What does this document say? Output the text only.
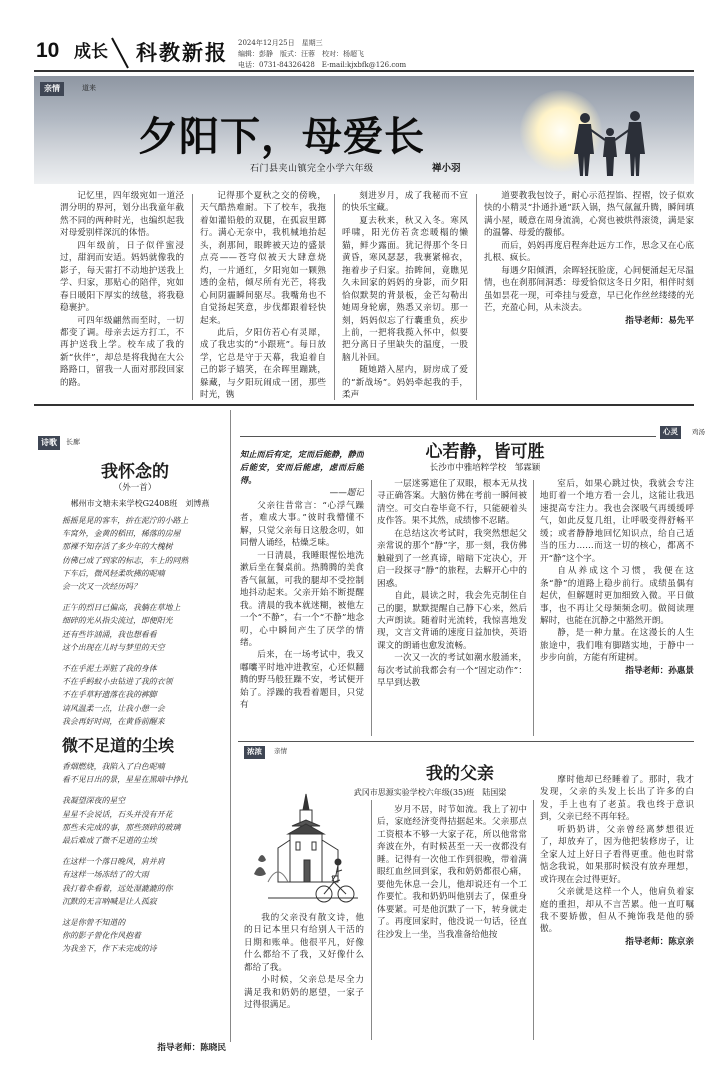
10 成长 科教新报 2024年12月25日　星期三
编辑：彭静　版式：汪蓉　校对：杨超飞
电话：0731-84326428　E-mail:kjxbfk@126.com
亲情	道来
夕阳下，母爱长
石门县夹山镇完全小学六年级	禅小羽

记忆里，四年级宛如一道泾渭分明的界河，划分出我童年截然不同的两种时光，也编织起我对母爱别样深沉的体悟。

四年级前，日子似伴蜜浸过，甜润而安适。妈妈就像我的影子，每天雷打不动地护送我上学、归家，那贴心的陪伴，宛如春日暖阳下厚实的绒毯，将我稳稳裹护。

可四年级翩然而至时，一切都变了调。母亲去远方打工，不再护送我上学。校车成了我的新“伙伴”，却总是将我抛在大公路路口，留我一人面对那段回家的路。

记得那个夏秋之交的傍晚，天气酷热难耐。下了校车，我拖着如灌铅般的双腿，在孤寂里踯行。满心无奈中，我机械地抬起头，刹那间，眼眸被天边的盛景点亮——苍穹似被天大肆意烧灼，一片通红，夕阳宛如一颗熟透的金桔，倾尽所有光芒，将我心间阴霾瞬间驱尽。我嘴角也不自觉扬起笑意，步伐都跟着轻快起来。

此后，夕阳仿若心有灵犀，成了我忠实的“小跟班”。每日放学，它总是守于天幕，我追着自己的影子嬉笑，在余晖里蹦跳，躲藏，与夕阳玩闹成一团，那些时光，镌

刻进岁月，成了我秘而不宣的快乐宝藏。

夏去秋来，秋又入冬。寒风呼啸，阳光仿若贪恋暖榻的懒猫，鲜少露面。犹记得那个冬日黄昏，寒风瑟瑟，我裹紧棉衣，拖着步子归家。抬眸间，竟瞧见久未回家的妈妈的身影，而夕阳恰似默契的背景板，金芒勾勒出她周身轮廓，熟悉又亲切。那一刻，妈妈似忘了行囊重负，疾步上前，一把将我揽入怀中，似要把分离日子里缺失的温度，一股脑儿补回。

随她踏入屋内，厨房成了爱的“新战场”。妈妈牵起我的手，柔声

道要教我包饺子，耐心示范捏馅、捏褶，饺子似欢快的小精灵“扑通扑通”跃入锅，热气氤氲升腾，瞬间填满小屋，暖意在周身流淌，心窝也被烘得滚烫，满是家的温馨、母爱的馥郁。

而后，妈妈再度启程奔赴远方工作，思念又在心底扎根、疯长。

每遇夕阳倾洒，余晖轻抚脸庞，心间便涌起无尽温情，也在刹那间洞悉：母爱恰似这冬日夕阳，相伴时刻虽如昙花一现，可牵挂与爱意，早已化作丝丝缕缕的光芒，充盈心间，从未淡去。

指导老师：易先平
诗歌	长廊
我怀念的
（外一首）
郴州市文塘未来学校G2408班　刘博燕
摇摇晃晃的客车，拚在泥泞的小路上
车窝外，金黄的稻田，稀落的房屋
那裸不知存活了多少年的大槐树
仿佛已成了到家的标志，车上的同熟
下车后，微风轻柔吹拂的呢喃
会一次又一次经历吗？
正午的烈日已偏高，我躺在草地上
细碎的光从指尖流过，即便阳光
还有些许汹涌，我也想看看
这个出现在儿时与梦里的天空
不在乎泥土弄脏了我的身体
不在乎蚂蚁小虫钻进了我的衣领
不在乎草籽遗落在我的裤脚
请风温柔一点，让我小憩一会
我会再好时间，在黄昏前醒来
微不足道的尘埃
香烟燃烧，我陷入了白色呢喃
看不见日出的景，星星在黑暗中挣扎
我凝望深夜的星空
星星不会说话，石头并没有开花
那些未完成的事，那些颈碎的玻璃
最后难成了微不足道的尘埃
在这样一个落日晚风，肩并肩
有这样一场冻结了的大雨
我打着伞看着，远处湿漉漉的你
沉默的无言呐喊是让人孤寂
这是你曾不知道的
你的影子曾化作风抱着
为我坐下，作下未完成的诗
指导老师：陈晓民
心灵	鸡汤
知止而后有定，定而后能静，静而后能安，安而后能虑，虑而后能得。
——题记

父亲往昔常言：“心浮气躁者，难成大事。”彼时我懵懂不解，只觉父亲每日这般念叨，如同僧人诵经，枯燥乏味。

一日清晨，我睡眼惺忪地洗漱后坐在餐桌前。热腾腾的美食香气氤氲，可我的腿却不受控制地抖动起来。父亲开始不断提醒我。清晨的我本就迷糊，被他左一个“不静”，右一个“不静”地念叨，心中瞬间产生了厌学的情绪。

后来，在一场考试中，我又嘟囔平时地冲进教室，心还似翻腾的野马般狂躁不安，考试便开始了。浮躁的我看着题目，只觉有

心若静，皆可胜
长沙市中雅培粹学校　邹霖颖

一层迷雾遮住了双眼，根本无从找寻正确答案。大脑仿佛在考前一瞬间被清空。可交白卷毕竟不行，只能硬着头皮作答。果不其然，成绩惨不忍睹。

在总结这次考试时，我突然想起父亲常说的那个“静”字，那一刻，我仿佛触碰到了一丝真谛，暗暗下定决心，开启一段探寻“静”的旅程，去解开心中的困惑。

自此，晨读之时，我会先克制住自己的腿，默默提醒自己静下心来，然后大声朗读。随着时光流转，我惊喜地发现，文言文背诵的速度日益加快，英语课文的朗诵也愈发流畅。

一次又一次的考试如潮水般涌来，每次考试前我都会有一个“固定动作”：早早到达教

室后，如果心跳过快，我就会专注地盯着一个地方看一会儿，这能让我迅速提高专注力。我也会深吸气再缓缓呼气，如此反复几组，让呼吸变得舒畅平缓；或者静静地回忆知识点，给自己适当的压力……而这一切的核心，都离不开“静”这个字。

自从养成这个习惯，我便在这条“静”的道路上稳步前行。成绩虽偶有起伏，但解题时更加细致入微。平日做事，也不再让父母频频念叨。做阅读理解时，也能在沉静之中豁然开朗。

静，是一种力量。在这漫长的人生旅途中，我们唯有脚踏实地，于静中一步步向前，方能有所建树。

指导老师：孙惠景
浓浓	亲情
我的父亲
武冈市思源实验学校六年级(35)班　陆国梁

我的父亲没有散文诗，他的日记本里只有给别人干活的日期和账单。他很平凡，好像什么都给不了我，又好像什么都给了我。

小时候，父亲总是尽全力满足我和奶奶的愿望，一家子过得很满足。

岁月不居，时节如流。我上了初中后，家庭经济变得拮据起来。父亲那点工资根本不够一大家子花，所以他常常奔波在外，有时候甚至一天一夜都没有睡。记得有一次他工作到很晚，带着满眼红血丝回到家，我和奶奶都很心痛，要他先休息一会儿，他却说还有一个工作要忙。我和奶奶叫他别去了，保重身体要紧。可是他沉默了一下，转身就走了。再度回家时，他没说一句话，径直往沙发上一坐，当我准备给他按

摩时他却已经睡着了。那时，我才发现，父亲的头发上长出了许多的白发，手上也有了老茧。我也终于意识到，父亲已经不再年轻。

听奶奶讲，父亲曾经离梦想很近了，却放弃了，因为他把装修房子，让全家人过上好日子看得更重。他也时常惦念我说，如果那时候没有放弃理想，或许现在会过得更好。

父亲就是这样一个人，他肩负着家庭的重担，却从不言苦累。他一直叮嘱我不要娇傲，但从不掩饰我是他的骄傲。

指导老师：陈京亲
